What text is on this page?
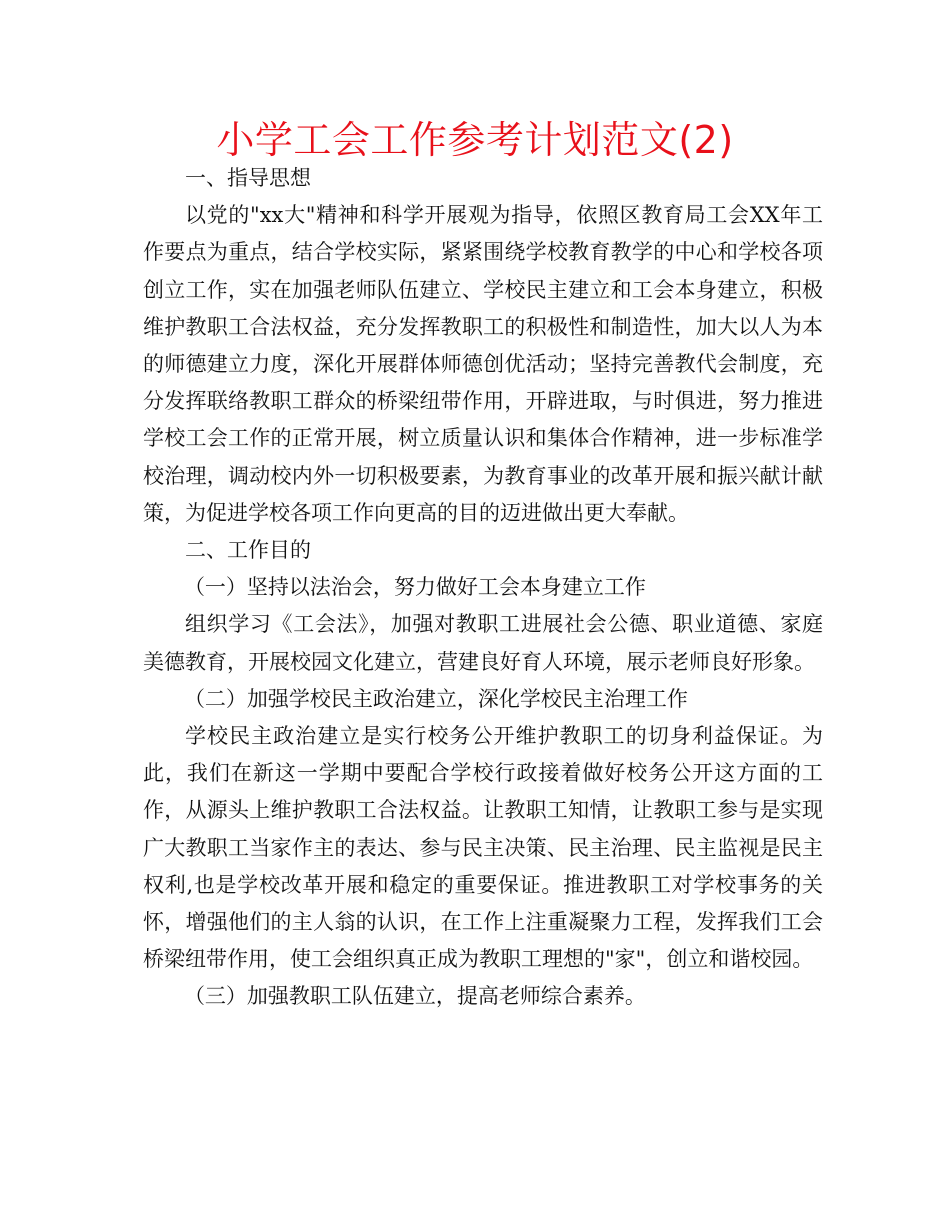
小学工会工作参考计划范文(2)

一、指导思想

以党的"xx大"精神和科学开展观为指导，依照区教育局工会XX年工作要点为重点，结合学校实际，紧紧围绕学校教育教学的中心和学校各项创立工作，实在加强老师队伍建立、学校民主建立和工会本身建立，积极维护教职工合法权益，充分发挥教职工的积极性和制造性，加大以人为本的师德建立力度，深化开展群体师德创优活动；坚持完善教代会制度，充分发挥联络教职工群众的桥梁纽带作用，开辟进取，与时俱进，努力推进学校工会工作的正常开展，树立质量认识和集体合作精神，进一步标准学校治理，调动校内外一切积极要素，为教育事业的改革开展和振兴献计献策，为促进学校各项工作向更高的目的迈进做出更大奉献。

二、工作目的

（一）坚持以法治会，努力做好工会本身建立工作

组织学习《工会法》，加强对教职工进展社会公德、职业道德、家庭美德教育，开展校园文化建立，营建良好育人环境，展示老师良好形象。

（二）加强学校民主政治建立，深化学校民主治理工作

学校民主政治建立是实行校务公开维护教职工的切身利益保证。为此，我们在新这一学期中要配合学校行政接着做好校务公开这方面的工作，从源头上维护教职工合法权益。让教职工知情，让教职工参与是实现广大教职工当家作主的表达、参与民主决策、民主治理、民主监视是民主权利,也是学校改革开展和稳定的重要保证。推进教职工对学校事务的关怀，增强他们的主人翁的认识，在工作上注重凝聚力工程，发挥我们工会桥梁纽带作用，使工会组织真正成为教职工理想的"家"，创立和谐校园。

（三）加强教职工队伍建立，提高老师综合素养。
